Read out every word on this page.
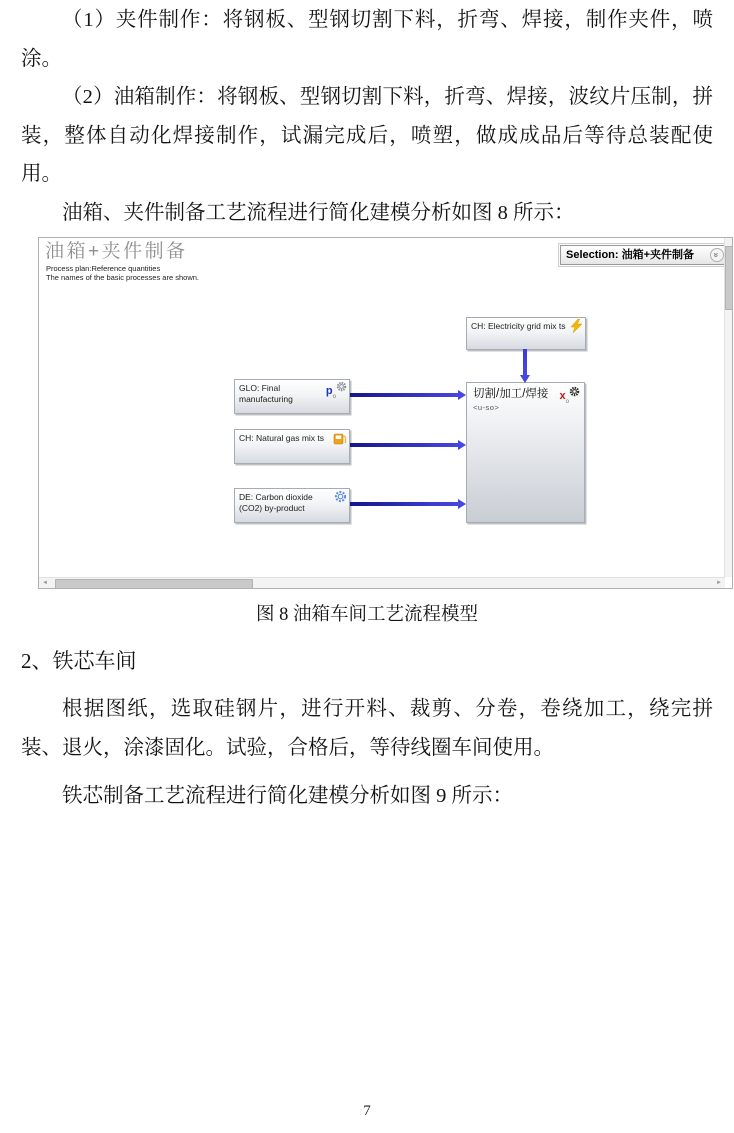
（1）夹件制作：将钢板、型钢切割下料，折弯、焊接，制作夹件，喷涂。

（2）油箱制作：将钢板、型钢切割下料，折弯、焊接，波纹片压制，拼装，整体自动化焊接制作，试漏完成后，喷塑，做成成品后等待总装配使用。

油箱、夹件制备工艺流程进行简化建模分析如图 8 所示：

油箱+夹件制备
Process plan:Reference quantities
The names of the basic processes are shown.
Selection: 油箱+夹件制备 »
CH: Electricity grid mix ts
GLO: Final manufacturing
$p_o$
CH: Natural gas mix ts
DE: Carbon dioxide (CO2) by-product
切割/加工/焊接
<u-so>
$x_o$
◄	►
图 8 油箱车间工艺流程模型
2、铁芯车间

根据图纸，选取硅钢片，进行开料、裁剪、分卷，卷绕加工，绕完拼装、退火，涂漆固化。试验，合格后，等待线圈车间使用。

铁芯制备工艺流程进行简化建模分析如图 9 所示：

7
